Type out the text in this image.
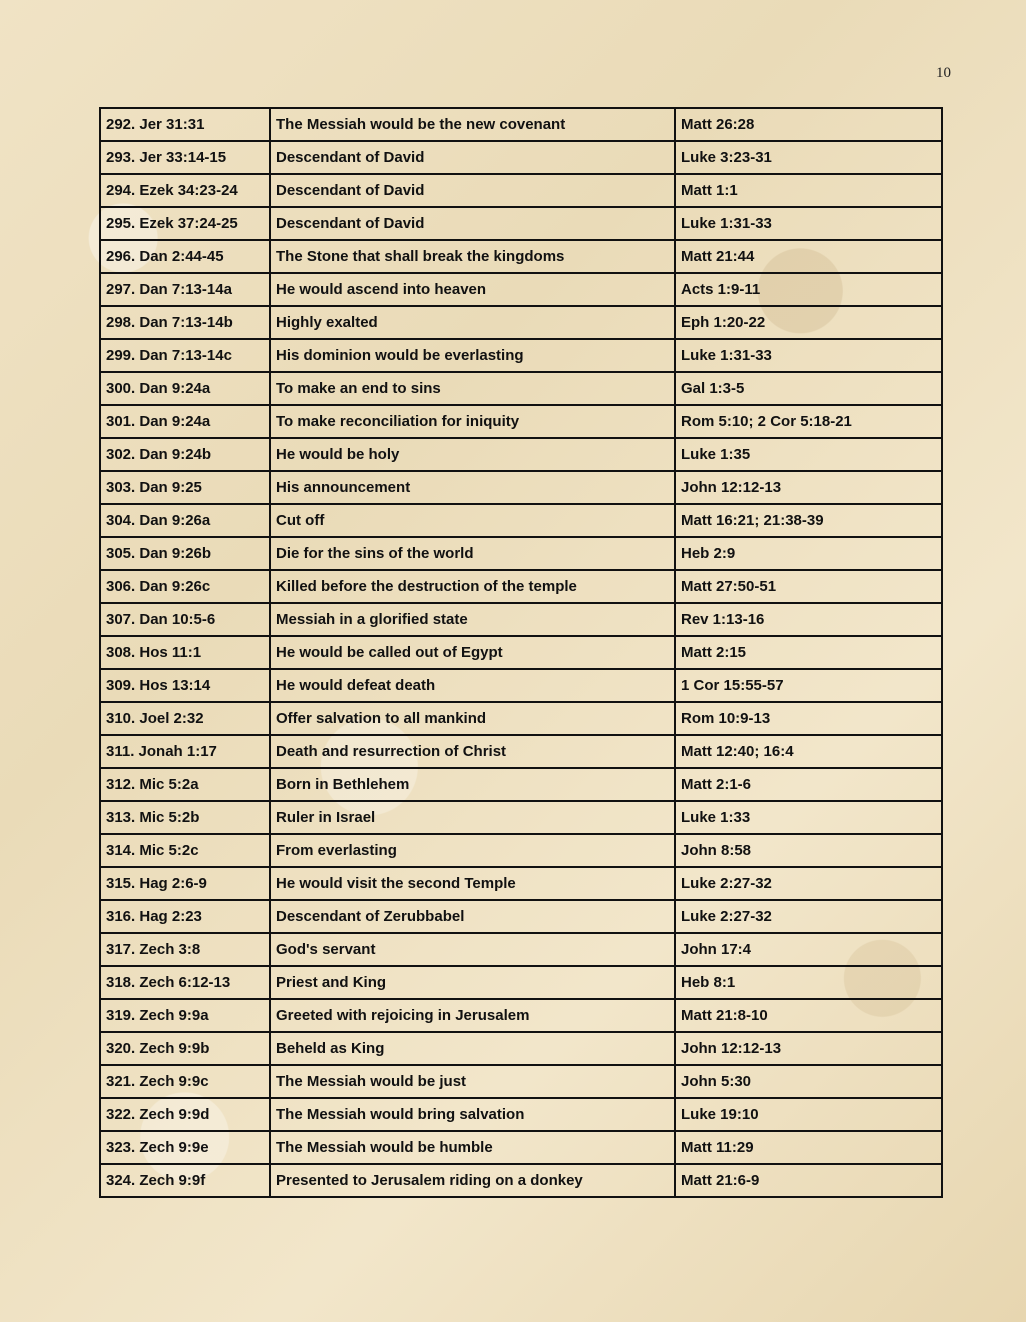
10
292. Jer 31:31	The Messiah would be the new covenant	Matt 26:28
293. Jer 33:14-15	Descendant of David	Luke 3:23-31
294. Ezek 34:23-24	Descendant of David	Matt 1:1
295. Ezek 37:24-25	Descendant of David	Luke 1:31-33
296. Dan 2:44-45	The Stone that shall break the kingdoms	Matt 21:44
297. Dan 7:13-14a	He would ascend into heaven	Acts 1:9-11
298. Dan 7:13-14b	Highly exalted	Eph 1:20-22
299. Dan 7:13-14c	His dominion would be everlasting	Luke 1:31-33
300. Dan 9:24a	To make an end to sins	Gal 1:3-5
301. Dan 9:24a	To make reconciliation for iniquity	Rom 5:10; 2 Cor 5:18-21
302. Dan 9:24b	He would be holy	Luke 1:35
303. Dan 9:25	His announcement	John 12:12-13
304. Dan 9:26a	Cut off	Matt 16:21; 21:38-39
305. Dan 9:26b	Die for the sins of the world	Heb 2:9
306. Dan 9:26c	Killed before the destruction of the temple	Matt 27:50-51
307. Dan 10:5-6	Messiah in a glorified state	Rev 1:13-16
308. Hos 11:1	He would be called out of Egypt	Matt 2:15
309. Hos 13:14	He would defeat death	1 Cor 15:55-57
310. Joel 2:32	Offer salvation to all mankind	Rom 10:9-13
311. Jonah 1:17	Death and resurrection of Christ	Matt 12:40; 16:4
312. Mic 5:2a	Born in Bethlehem	Matt 2:1-6
313. Mic 5:2b	Ruler in Israel	Luke 1:33
314. Mic 5:2c	From everlasting	John 8:58
315. Hag 2:6-9	He would visit the second Temple	Luke 2:27-32
316. Hag 2:23	Descendant of Zerubbabel	Luke 2:27-32
317. Zech 3:8	God's servant	John 17:4
318. Zech 6:12-13	Priest and King	Heb 8:1
319. Zech 9:9a	Greeted with rejoicing in Jerusalem	Matt 21:8-10
320. Zech 9:9b	Beheld as King	John 12:12-13
321. Zech 9:9c	The Messiah would be just	John 5:30
322. Zech 9:9d	The Messiah would bring salvation	Luke 19:10
323. Zech 9:9e	The Messiah would be humble	Matt 11:29
324. Zech 9:9f	Presented to Jerusalem riding on a donkey	Matt 21:6-9
